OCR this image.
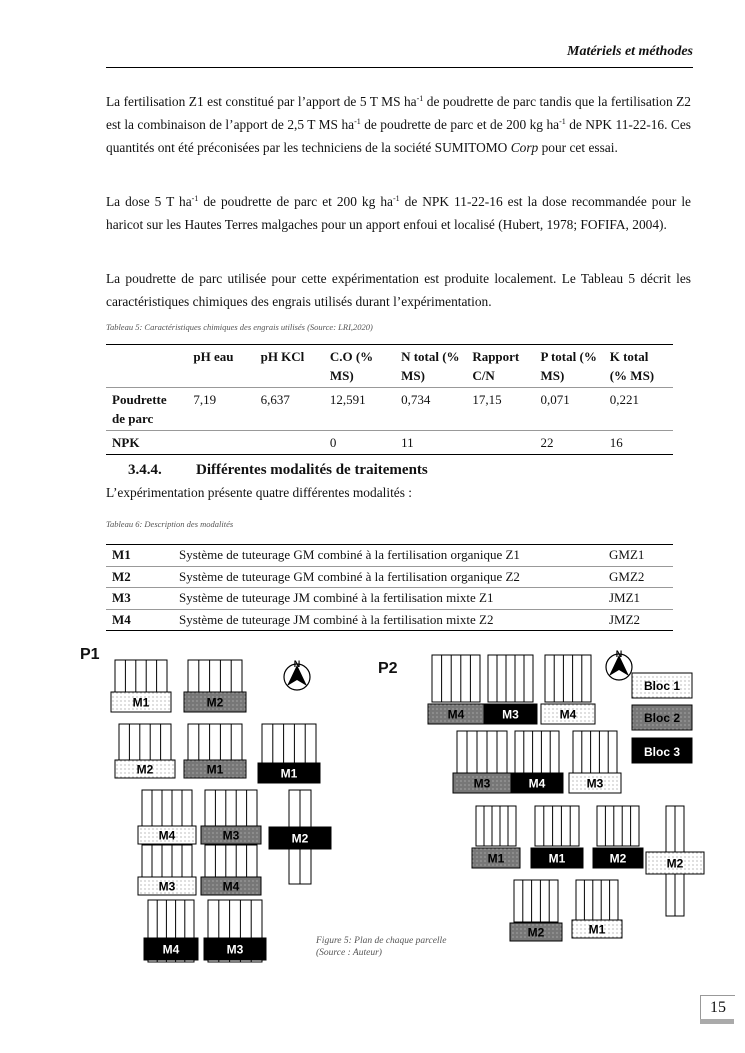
Matériels et méthodes
La fertilisation Z1 est constitué par l’apport de 5 T MS $ha^{-1}$ de poudrette de parc tandis que la fertilisation Z2 est la combinaison de l’apport de 2,5 T MS $ha^{-1}$ de poudrette de parc et de 200 kg $ha^{-1}$ de NPK 11-22-16. Ces quantités ont été préconisées par les techniciens de la société SUMITOMO Corp pour cet essai.
La dose 5 T $ha^{-1}$ de poudrette de parc et 200 kg $ha^{-1}$ de NPK 11-22-16 est la dose recommandée pour le haricot sur les Hautes Terres malgaches pour un apport enfoui et localisé (Hubert, 1978; FOFIFA, 2004).
La poudrette de parc utilisée pour cette expérimentation est produite localement. Le Tableau 5 décrit les caractéristiques chimiques des engrais utilisés durant l’expérimentation.
Tableau 5: Caractéristiques chimiques des engrais utilisés (Source: LRI,2020)
	pH eau	pH KCl	C.O (% MS)	N total (% MS)	Rapport C/N	P total (% MS)	K total (% MS)
Poudrette de parc	7,19	6,637	12,591	0,734	17,15	0,071	0,221
NPK			0	11		22	16
3.4.4. Différentes modalités de traitements
L’expérimentation présente quatre différentes modalités :
Tableau 6: Description des modalités
M1	Système de tuteurage GM combiné à la fertilisation organique Z1	GMZ1
M2	Système de tuteurage GM combiné à la fertilisation organique Z2	GMZ2
M3	Système de tuteurage JM combiné à la fertilisation mixte Z1	JMZ1
M4	Système de tuteurage JM combiné à la fertilisation mixte Z2	JMZ2
P1
P2
M1	M2
M2	M1	M1
M4	M3	M2
M3	M4
M4	M3
M4	M3	M4
M3	M4	M3
M1	M1	M2	M2
M2	M1
N
N
Bloc 1
Bloc 2
Bloc 3
Figure 5: Plan de chaque parcelle
(Source : Auteur)
15
